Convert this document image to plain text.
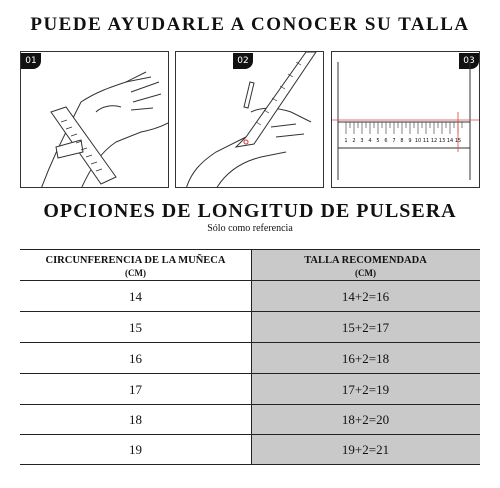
PUEDE AYUDARLE A CONOCER SU TALLA
01	02	03
1 2 3 4 5 6 7 8 9 10 11 12 13 14 15
OPCIONES DE LONGITUD DE PULSERA
Sólo como referencia
CIRCUNFERENCIA DE LA MUÑECA
(CM)
TALLA RECOMENDADA
(CM)
14	14+2=16
15	15+2=17
16	16+2=18
17	17+2=19
18	18+2=20
19	19+2=21
